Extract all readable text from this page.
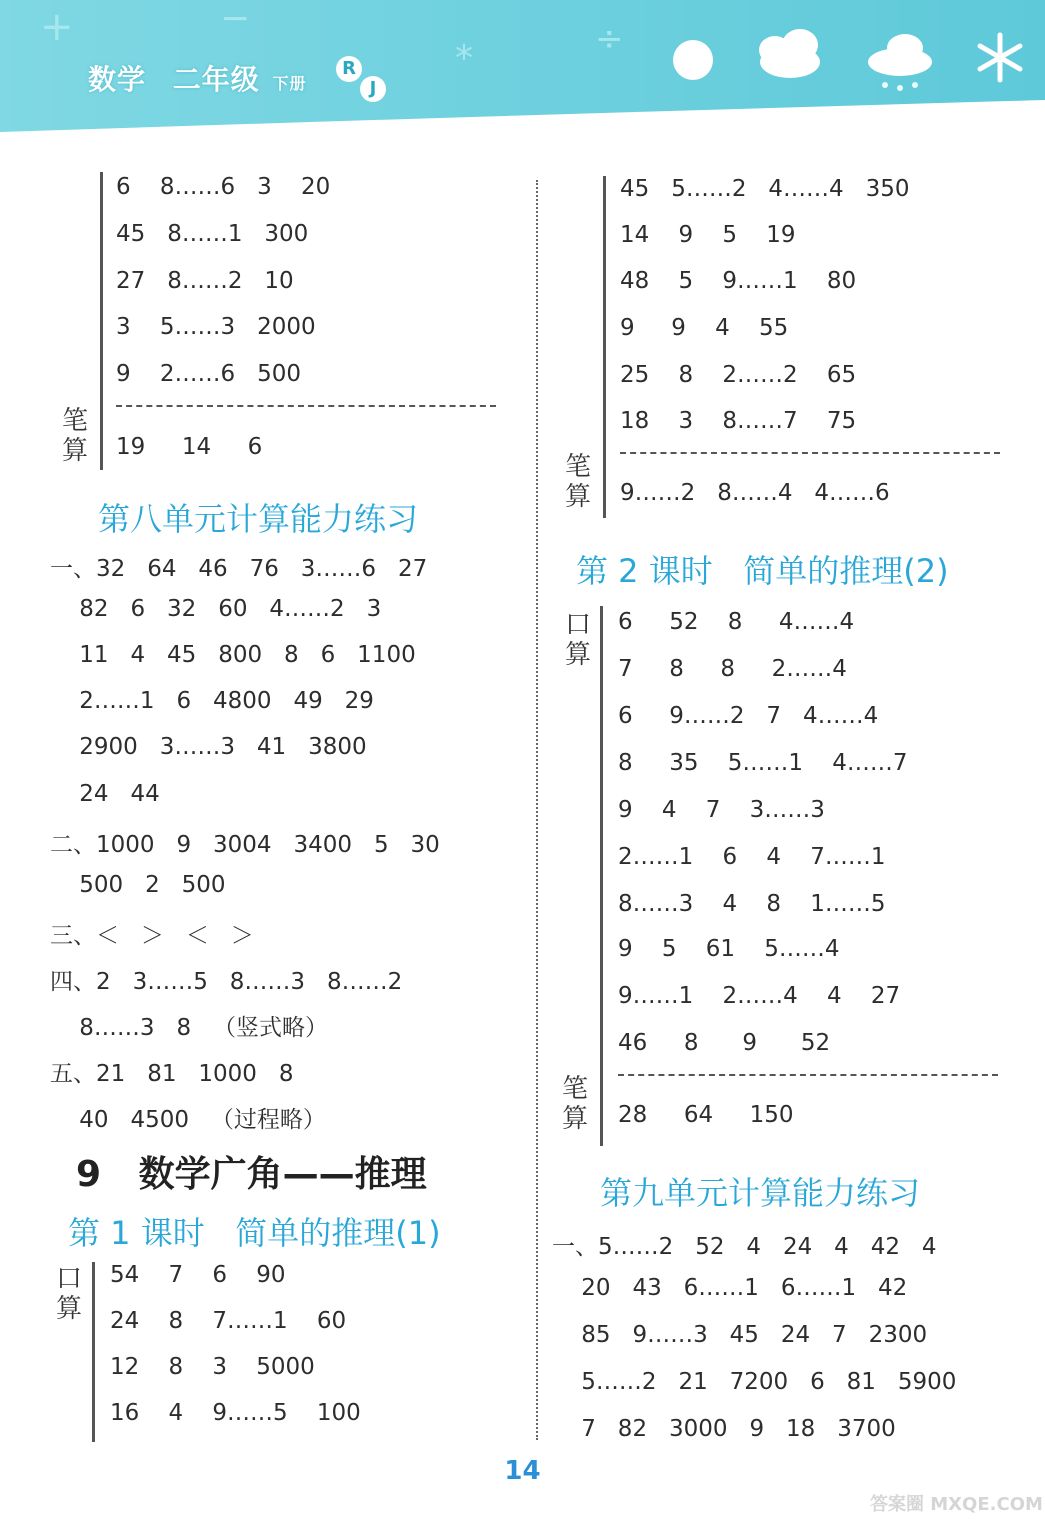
+	−
*	÷
数学 二年级 下册
R
J
6    8……6   3    20
45   8……1   300
27   8……2   10
3    5……3   2000
9    2……6   500
笔算 19     14     6
第八单元计算能力练习
一、32   64   46   76   3……6   27
82   6   32   60   4……2   3
11   4   45   800   8   6   1100
2……1   6   4800   49   29
2900   3……3   41   3800
24   44
二、1000   9   3004   3400   5   30
500   2   500
三、＜   ＞   ＜   ＞
四、2   3……5   8……3   8……2
8……3   8   （竖式略）
五、21   81   1000   8
40   4500   （过程略）
9   数学广角——推理
第 1 课时   简单的推理(1)
口算
54    7    6    90
24    8    7……1    60
12    8    3    5000
16    4    9……5    100
45   5……2   4……4   350
14    9    5    19
48    5    9……1    80
9     9    4    55
25    8    2……2    65
18    3    8……7    75
笔算 9……2   8……4   4……6
第 2 课时   简单的推理(2)
口算
6     52    8     4……4
7     8     8     2……4
6     9……2   7   4……4
8     35    5……1    4……7
9    4    7    3……3
2……1    6    4    7……1
8……3    4    8    1……5
9    5    61    5……4
9……1    2……4    4    27
46     8      9      52
笔算 28     64     150
第九单元计算能力练习
一、5……2   52   4   24   4   42   4
20   43   6……1   6……1   42
85   9……3   45   24   7   2300
5……2   21   7200   6   81   5900
7   82   3000   9   18   3700
14
答案圈 MXQE.COM
